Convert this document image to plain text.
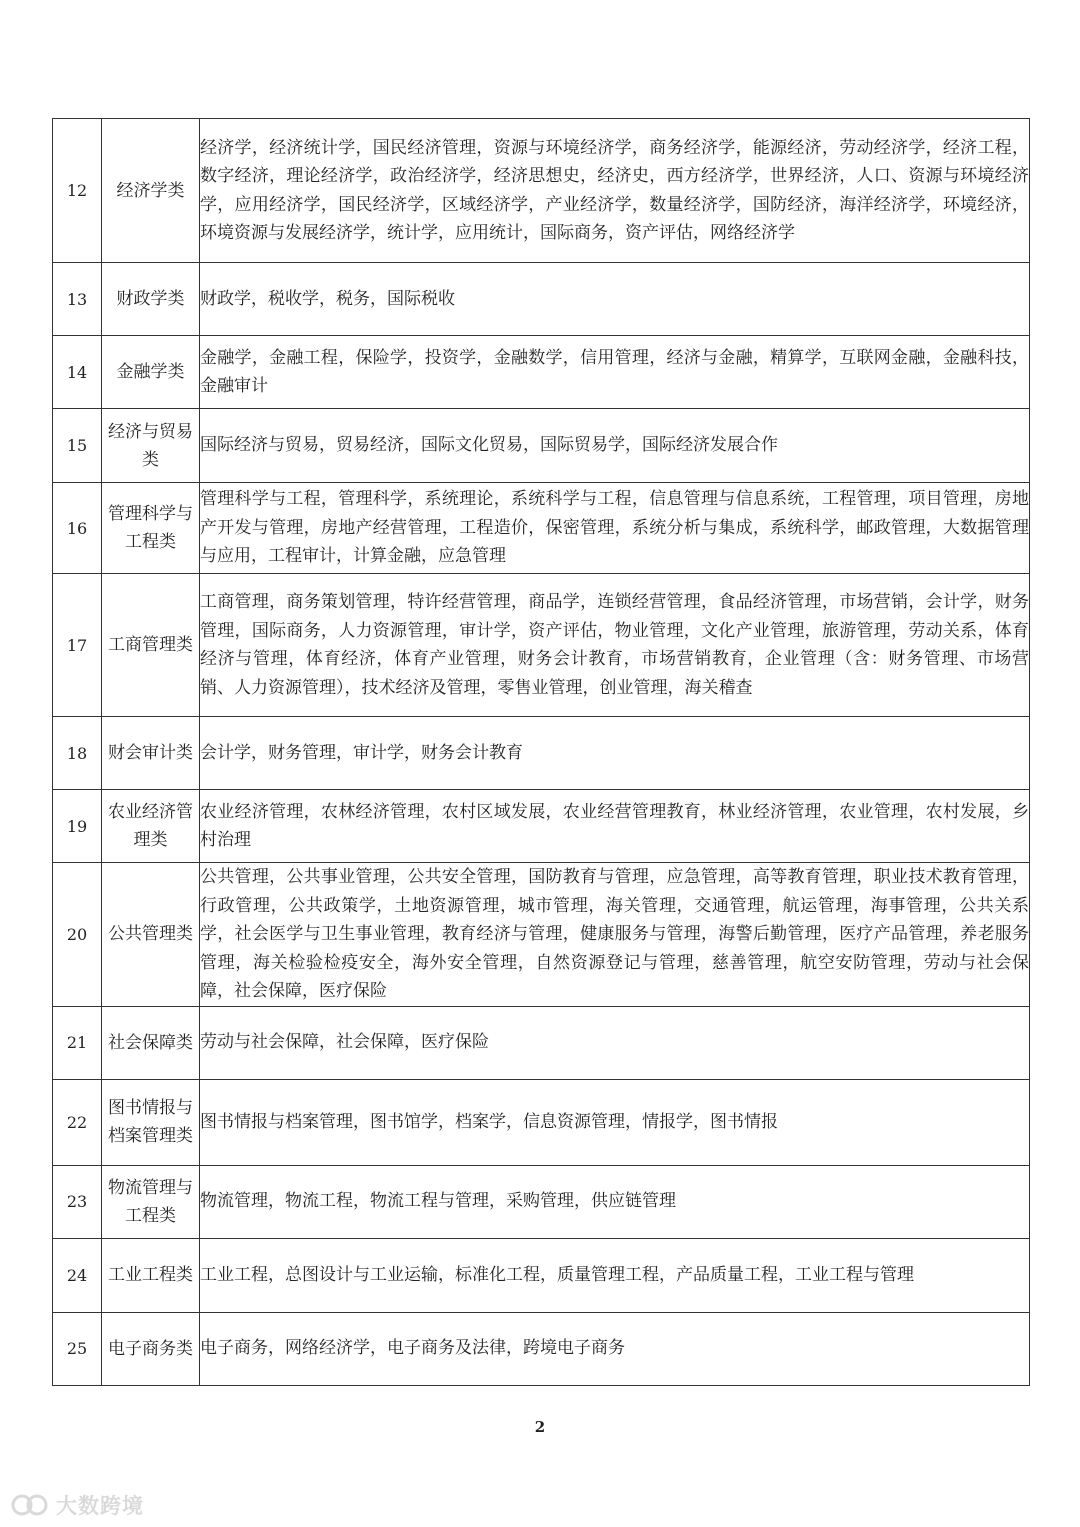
12	经济学类	经济学，经济统计学，国民经济管理，资源与环境经济学，商务经济学，能源经济，劳动经济学，经济工程，数字经济，理论经济学，政治经济学，经济思想史，经济史，西方经济学，世界经济，人口、资源与环境经济学，应用经济学，国民经济学，区域经济学，产业经济学，数量经济学，国防经济，海洋经济学，环境经济，环境资源与发展经济学，统计学，应用统计，国际商务，资产评估，网络经济学
13	财政学类	财政学，税收学，税务，国际税收
14	金融学类	金融学，金融工程，保险学，投资学，金融数学，信用管理，经济与金融，精算学，互联网金融，金融科技，金融审计
15	经济与贸易类	国际经济与贸易，贸易经济，国际文化贸易，国际贸易学，国际经济发展合作
16	管理科学与工程类	管理科学与工程，管理科学，系统理论，系统科学与工程，信息管理与信息系统，工程管理，项目管理，房地产开发与管理，房地产经营管理，工程造价，保密管理，系统分析与集成，系统科学，邮政管理，大数据管理与应用，工程审计，计算金融，应急管理
17	工商管理类	工商管理，商务策划管理，特许经营管理，商品学，连锁经营管理，食品经济管理，市场营销，会计学，财务管理，国际商务，人力资源管理，审计学，资产评估，物业管理，文化产业管理，旅游管理，劳动关系，体育经济与管理，体育经济，体育产业管理，财务会计教育，市场营销教育，企业管理（含：财务管理、市场营销、人力资源管理），技术经济及管理，零售业管理，创业管理，海关稽查
18	财会审计类	会计学，财务管理，审计学，财务会计教育
19	农业经济管理类	农业经济管理，农林经济管理，农村区域发展，农业经营管理教育，林业经济管理，农业管理，农村发展，乡村治理
20	公共管理类	公共管理，公共事业管理，公共安全管理，国防教育与管理，应急管理，高等教育管理，职业技术教育管理，行政管理，公共政策学，土地资源管理，城市管理，海关管理，交通管理，航运管理，海事管理，公共关系学，社会医学与卫生事业管理，教育经济与管理，健康服务与管理，海警后勤管理，医疗产品管理，养老服务管理，海关检验检疫安全，海外安全管理，自然资源登记与管理，慈善管理，航空安防管理，劳动与社会保障，社会保障，医疗保险
21	社会保障类	劳动与社会保障，社会保障，医疗保险
22	图书情报与档案管理类	图书情报与档案管理，图书馆学，档案学，信息资源管理，情报学，图书情报
23	物流管理与工程类	物流管理，物流工程，物流工程与管理，采购管理，供应链管理
24	工业工程类	工业工程，总图设计与工业运输，标准化工程，质量管理工程，产品质量工程，工业工程与管理
25	电子商务类	电子商务，网络经济学，电子商务及法律，跨境电子商务
2
大数跨境
